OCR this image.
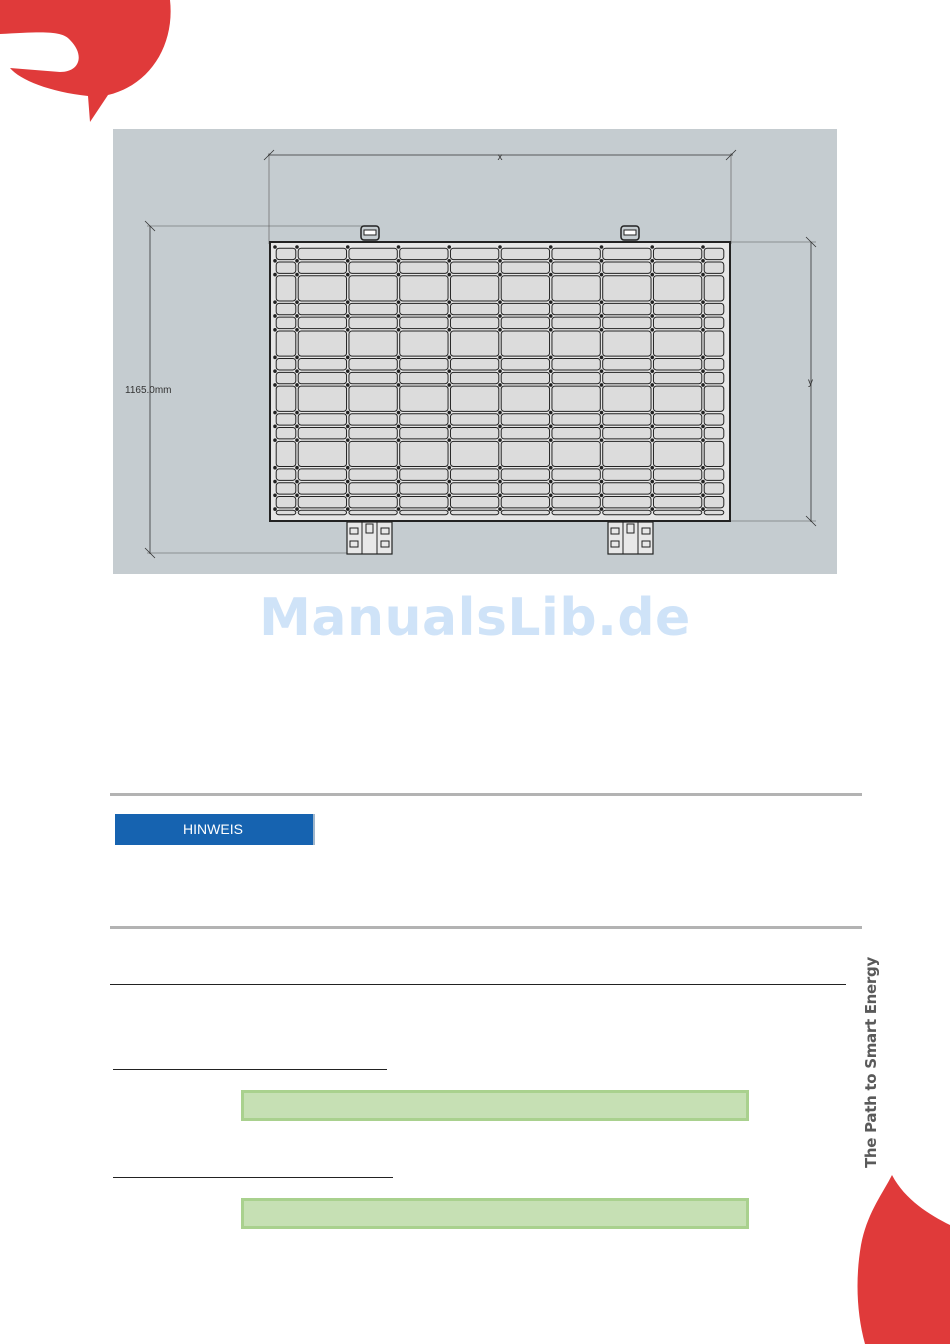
x
1165.0mm
y
ManualsLib.de
HINWEIS
The Path to Smart Energy
